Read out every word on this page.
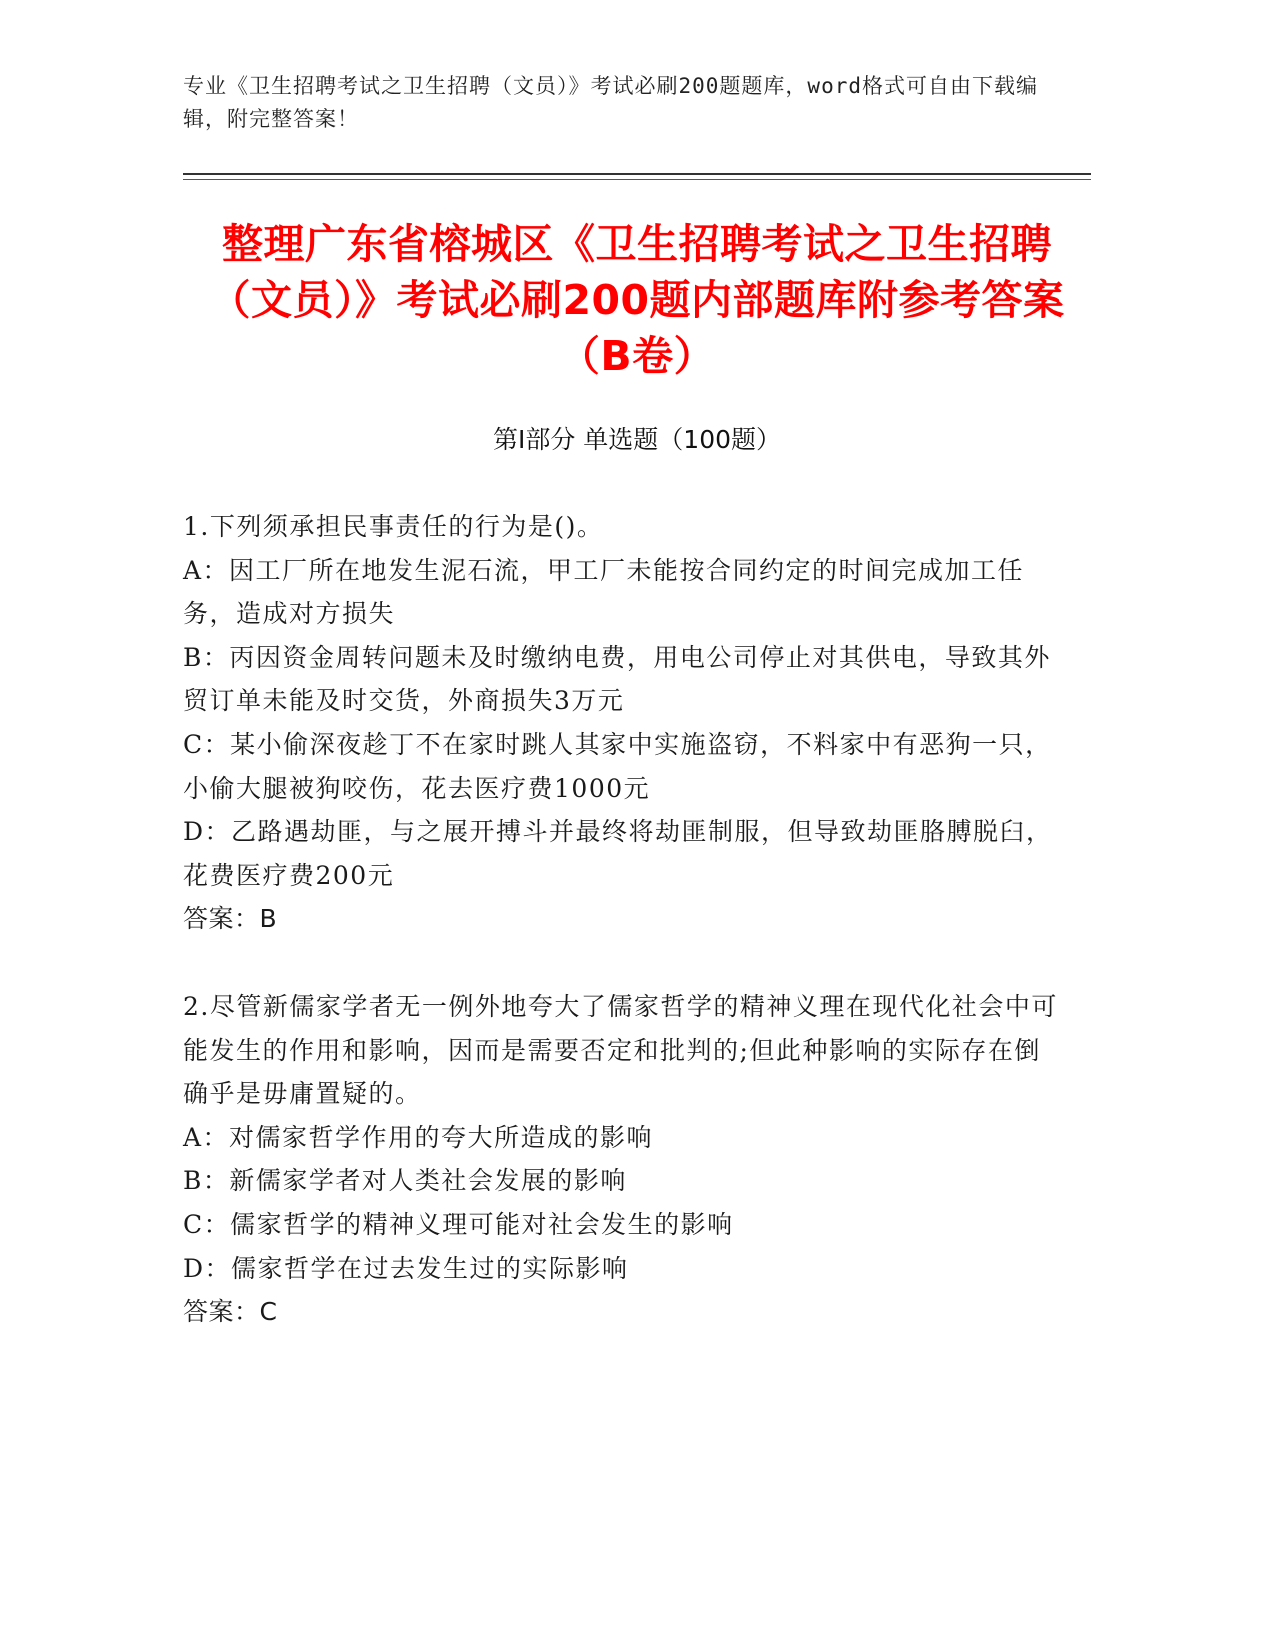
专业《卫生招聘考试之卫生招聘（文员）》考试必刷200题题库，word格式可自由下载编辑，附完整答案！
整理广东省榕城区《卫生招聘考试之卫生招聘（文员）》考试必刷200题内部题库附参考答案（B卷）
第I部分 单选题（100题）

1.下列须承担民事责任的行为是()。

A：因工厂所在地发生泥石流，甲工厂未能按合同约定的时间完成加工任务，造成对方损失

B：丙因资金周转问题未及时缴纳电费，用电公司停止对其供电，导致其外贸订单未能及时交货，外商损失3万元

C：某小偷深夜趁丁不在家时跳人其家中实施盗窃，不料家中有恶狗一只，小偷大腿被狗咬伤，花去医疗费1000元

D：乙路遇劫匪，与之展开搏斗并最终将劫匪制服，但导致劫匪胳膊脱臼，花费医疗费200元

答案：B

2.尽管新儒家学者无一例外地夸大了儒家哲学的精神义理在现代化社会中可能发生的作用和影响，因而是需要否定和批判的;但此种影响的实际存在倒确乎是毋庸置疑的。

A：对儒家哲学作用的夸大所造成的影响

B：新儒家学者对人类社会发展的影响

C：儒家哲学的精神义理可能对社会发生的影响

D：儒家哲学在过去发生过的实际影响

答案：C
